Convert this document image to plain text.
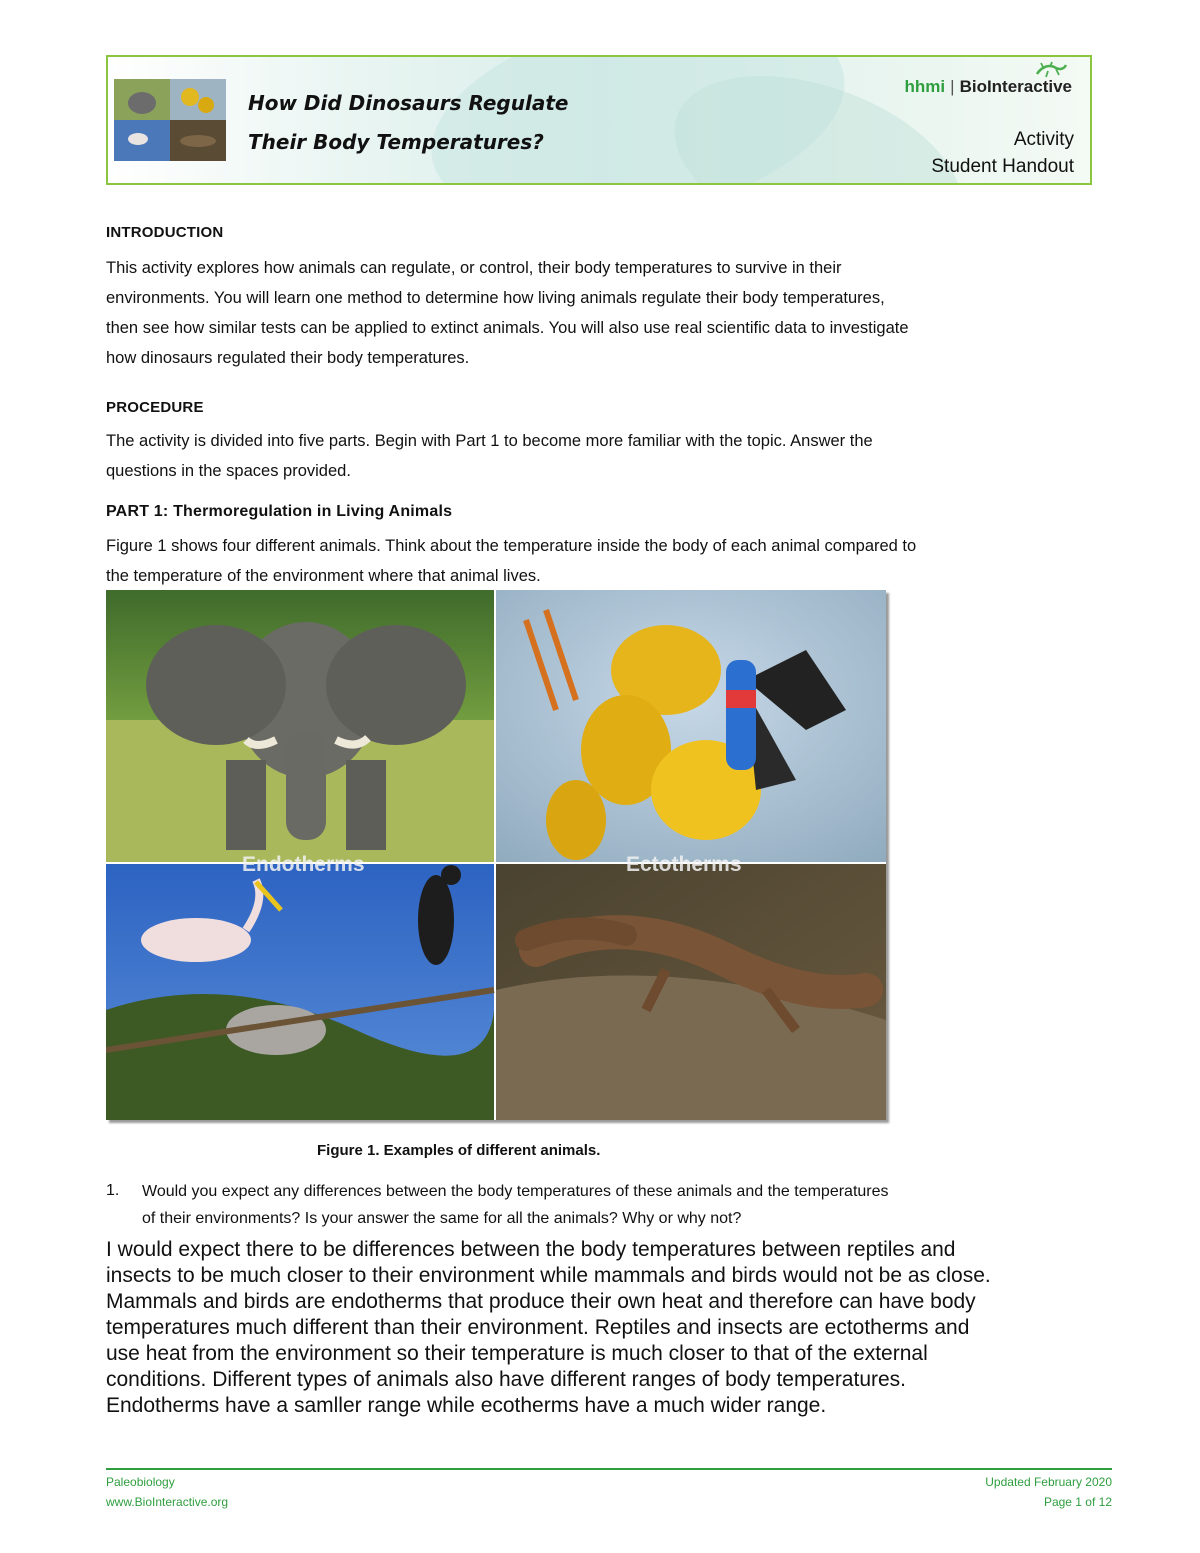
How Did Dinosaurs Regulate
Their Body Temperatures?
hhmi | BioInteractive
Activity
Student Handout
INTRODUCTION
This activity explores how animals can regulate, or control, their body temperatures to survive in their
environments. You will learn one method to determine how living animals regulate their body temperatures,
then see how similar tests can be applied to extinct animals. You will also use real scientific data to investigate
how dinosaurs regulated their body temperatures.
PROCEDURE
The activity is divided into five parts. Begin with Part 1 to become more familiar with the topic. Answer the
questions in the spaces provided.
PART 1: Thermoregulation in Living Animals
Figure 1 shows four different animals. Think about the temperature inside the body of each animal compared to
the temperature of the environment where that animal lives.
Endotherms	Ectotherms
Figure 1. Examples of different animals.
1. Would you expect any differences between the body temperatures of these animals and the temperatures
of their environments? Is your answer the same for all the animals? Why or why not?
I would expect there to be differences between the body temperatures between reptiles and
insects to be much closer to their environment while mammals and birds would not be as close.
Mammals and birds are endotherms that produce their own heat and therefore can have body
temperatures much different than their environment. Reptiles and insects are ectotherms and
use heat from the environment so their temperature is much closer to that of the external
conditions. Different types of animals also have different ranges of body temperatures.
Endotherms have a samller range while ecotherms have a much wider range.
Paleobiology
www.BioInteractive.org
Updated February 2020
Page 1 of 12
